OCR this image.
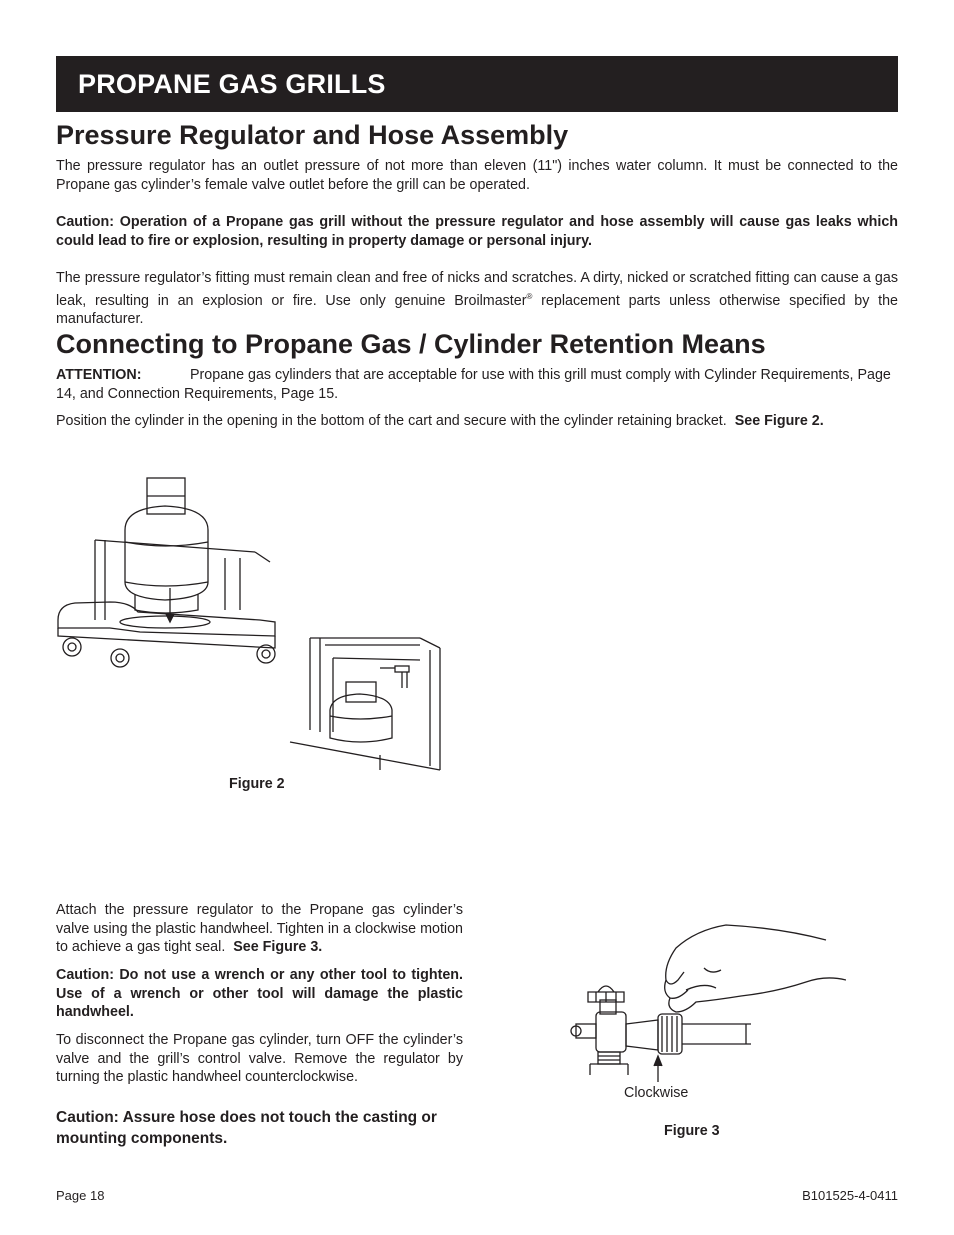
PROPANE GAS GRILLS
Pressure Regulator and Hose Assembly

The pressure regulator has an outlet pressure of not more than eleven (11") inches water column. It must be connected to the Propane gas cylinder’s female valve outlet before the grill can be operated.

Caution: Operation of a Propane gas grill without the pressure regulator and hose assembly will cause gas leaks which could lead to fire or explosion, resulting in property damage or personal injury.

The pressure regulator’s fitting must remain clean and free of nicks and scratches. A dirty, nicked or scratched fitting can cause a gas leak, resulting in an explosion or fire. Use only genuine Broilmaster® replacement parts unless otherwise specified by the manufacturer.

Connecting to Propane Gas / Cylinder Retention Means

ATTENTION:	Propane gas cylinders that are acceptable for use with this grill must comply with Cylinder Requirements, Page 14, and Connection Requirements, Page 15.

Position the cylinder in the opening in the bottom of the cart and secure with the cylinder retaining bracket. See Figure 2.

Figure 2

Attach the pressure regulator to the Propane gas cylinder’s valve using the plastic handwheel. Tighten in a clockwise motion to achieve a gas tight seal. See Figure 3.

Caution: Do not use a wrench or any other tool to tighten. Use of a wrench or other tool will damage the plastic handwheel.

To disconnect the Propane gas cylinder, turn OFF the cylinder’s valve and the grill’s control valve. Remove the regulator by turning the plastic handwheel counterclockwise.

Caution: Assure hose does not touch the casting or mounting components.

Clockwise
Figure 3
Page 18	B101525-4-0411
